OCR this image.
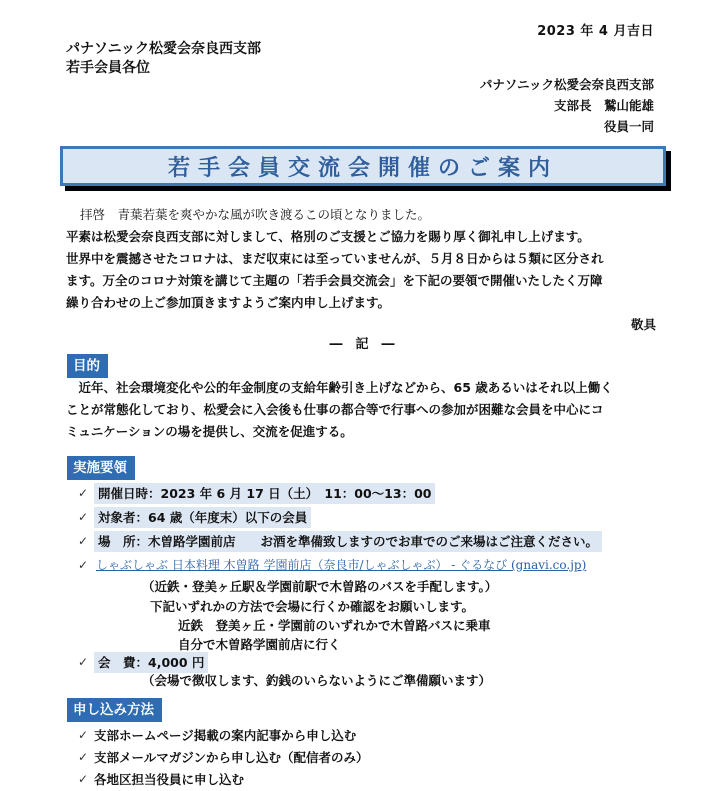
2023 年 4 月吉日
パナソニック松愛会奈良西支部
若手会員各位
パナソニック松愛会奈良西支部
支部長　鷲山能雄
役員一同
若手会員交流会開催のご案内

拝啓　青葉若葉を爽やかな風が吹き渡るこの頃となりました。

平素は松愛会奈良西支部に対しまして、格別のご支援とご協力を賜り厚く御礼申し上げます。

世界中を震撼させたコロナは、まだ収束には至っていませんが、５月８日からは５類に区分され

ます。万全のコロナ対策を講じて主題の「若手会員交流会」を下記の要領で開催いたしたく万障

繰り合わせの上ご参加頂きますようご案内申し上げます。

敬具

―　記　―
目的

　近年、社会環境変化や公的年金制度の支給年齢引き上げなどから、65 歳あるいはそれ以上働く

ことが常態化しており、松愛会に入会後も仕事の都合等で行事への参加が困難な会員を中心にコ

ミュニケーションの場を提供し、交流を促進する。

実施要領
✓ 開催日時：2023 年 6 月 17 日（土）　11：00～13：00
✓ 対象者：64 歳（年度末）以下の会員
✓ 場　所：木曽路学園前店　　お酒を準備致しますのでお車でのご来場はご注意ください。
✓ しゃぶしゃぶ 日本料理 木曽路 学園前店（奈良市/しゃぶしゃぶ） - ぐるなび (gnavi.co.jp)
（近鉄・登美ヶ丘駅＆学園前駅で木曽路のバスを手配します。）
下記いずれかの方法で会場に行くか確認をお願いします。
近鉄　登美ヶ丘・学園前のいずれかで木曽路バスに乗車
自分で木曽路学園前店に行く
✓ 会　費：4,000 円
（会場で徴収します、釣銭のいらないようにご準備願います）
申し込み方法
✓ 支部ホームページ掲載の案内記事から申し込む
✓ 支部メールマガジンから申し込む（配信者のみ）
✓ 各地区担当役員に申し込む
